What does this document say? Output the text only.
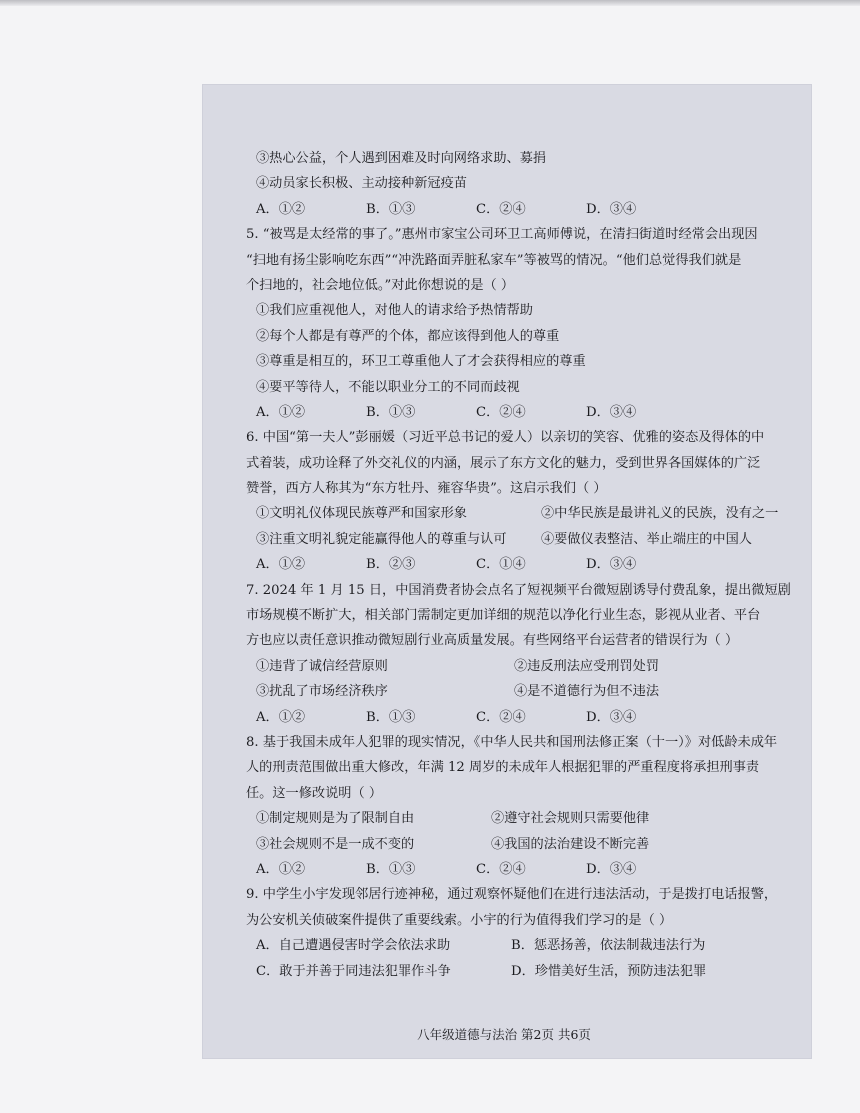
③热心公益，个人遇到困难及时向网络求助、募捐
④动员家长积极、主动接种新冠疫苗
A．①②	B．①③	C．②④	D．③④
5. “被骂是太经常的事了。”惠州市家宝公司环卫工高师傅说，在清扫街道时经常会出现因
“扫地有扬尘影响吃东西”“冲洗路面弄脏私家车”等被骂的情况。“他们总觉得我们就是
个扫地的，社会地位低。”对此你想说的是（ ）
①我们应重视他人，对他人的请求给予热情帮助
②每个人都是有尊严的个体，都应该得到他人的尊重
③尊重是相互的，环卫工尊重他人了才会获得相应的尊重
④要平等待人，不能以职业分工的不同而歧视
A．①②	B．①③	C．②④	D．③④
6. 中国“第一夫人”彭丽媛（习近平总书记的爱人）以亲切的笑容、优雅的姿态及得体的中
式着装，成功诠释了外交礼仪的内涵，展示了东方文化的魅力，受到世界各国媒体的广泛
赞誉，西方人称其为“东方牡丹、雍容华贵”。这启示我们（ ）
①文明礼仪体现民族尊严和国家形象	②中华民族是最讲礼义的民族，没有之一
③注重文明礼貌定能赢得他人的尊重与认可	④要做仪表整洁、举止端庄的中国人
A．①②	B．②③	C．①④	D．③④
7. 2024 年 1 月 15 日，中国消费者协会点名了短视频平台微短剧诱导付费乱象，提出微短剧
市场规模不断扩大，相关部门需制定更加详细的规范以净化行业生态，影视从业者、平台
方也应以责任意识推动微短剧行业高质量发展。有些网络平台运营者的错误行为（ ）
①违背了诚信经营原则	②违反刑法应受刑罚处罚
③扰乱了市场经济秩序	④是不道德行为但不违法
A．①②	B．①③	C．②④	D．③④
8. 基于我国未成年人犯罪的现实情况，《中华人民共和国刑法修正案（十一）》对低龄未成年
人的刑责范围做出重大修改，年满 12 周岁的未成年人根据犯罪的严重程度将承担刑事责
任。这一修改说明（ ）
①制定规则是为了限制自由	②遵守社会规则只需要他律
③社会规则不是一成不变的	④我国的法治建设不断完善
A．①②	B．①③	C．②④	D．③④
9. 中学生小宇发现邻居行迹神秘，通过观察怀疑他们在进行违法活动，于是拨打电话报警，
为公安机关侦破案件提供了重要线索。小宇的行为值得我们学习的是（ ）
A．自己遭遇侵害时学会依法求助	B．惩恶扬善，依法制裁违法行为
C．敢于并善于同违法犯罪作斗争	D．珍惜美好生活，预防违法犯罪
八年级道德与法治 第2页 共6页
